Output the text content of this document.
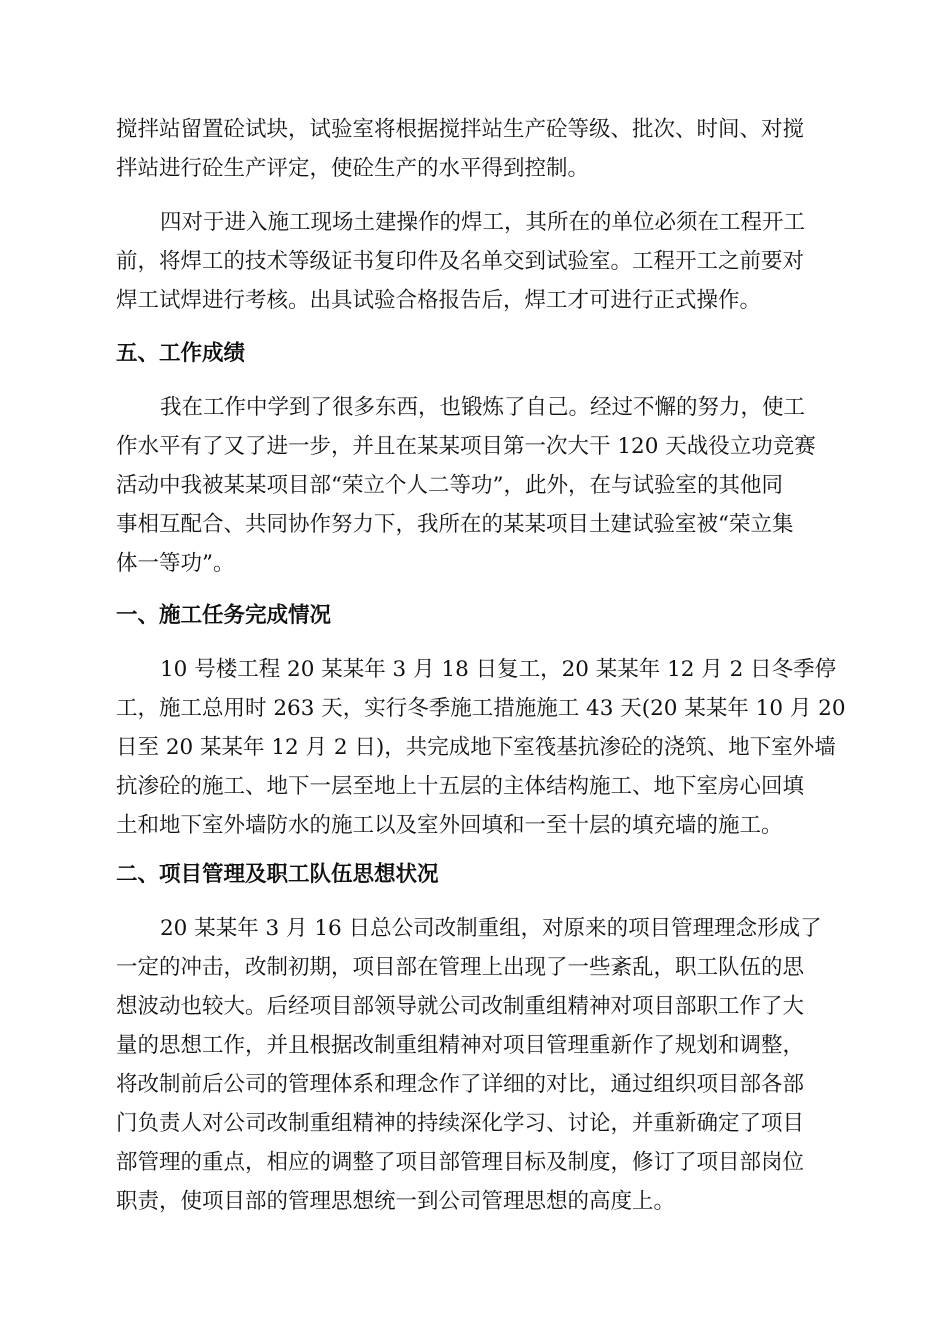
搅拌站留置砼试块，试验室将根据搅拌站生产砼等级、批次、时间、对搅
拌站进行砼生产评定，使砼生产的水平得到控制。
四对于进入施工现场土建操作的焊工，其所在的单位必须在工程开工
前，将焊工的技术等级证书复印件及名单交到试验室。工程开工之前要对
焊工试焊进行考核。出具试验合格报告后，焊工才可进行正式操作。
五、工作成绩
我在工作中学到了很多东西，也锻炼了自己。经过不懈的努力，使工
作水平有了又了进一步，并且在某某项目第一次大干 120 天战役立功竞赛
活动中我被某某项目部“荣立个人二等功”，此外，在与试验室的其他同
事相互配合、共同协作努力下，我所在的某某项目土建试验室被“荣立集
体一等功”。
一、施工任务完成情况
10 号楼工程 20 某某年 3 月 18 日复工，20 某某年 12 月 2 日冬季停
工，施工总用时 263 天，实行冬季施工措施施工 43 天(20 某某年 10 月 20
日至 20 某某年 12 月 2 日)，共完成地下室筏基抗渗砼的浇筑、地下室外墙
抗渗砼的施工、地下一层至地上十五层的主体结构施工、地下室房心回填
土和地下室外墙防水的施工以及室外回填和一至十层的填充墙的施工。
二、项目管理及职工队伍思想状况
20 某某年 3 月 16 日总公司改制重组，对原来的项目管理理念形成了
一定的冲击，改制初期，项目部在管理上出现了一些紊乱，职工队伍的思
想波动也较大。后经项目部领导就公司改制重组精神对项目部职工作了大
量的思想工作，并且根据改制重组精神对项目管理重新作了规划和调整，
将改制前后公司的管理体系和理念作了详细的对比，通过组织项目部各部
门负责人对公司改制重组精神的持续深化学习、讨论，并重新确定了项目
部管理的重点，相应的调整了项目部管理目标及制度，修订了项目部岗位
职责，使项目部的管理思想统一到公司管理思想的高度上。
